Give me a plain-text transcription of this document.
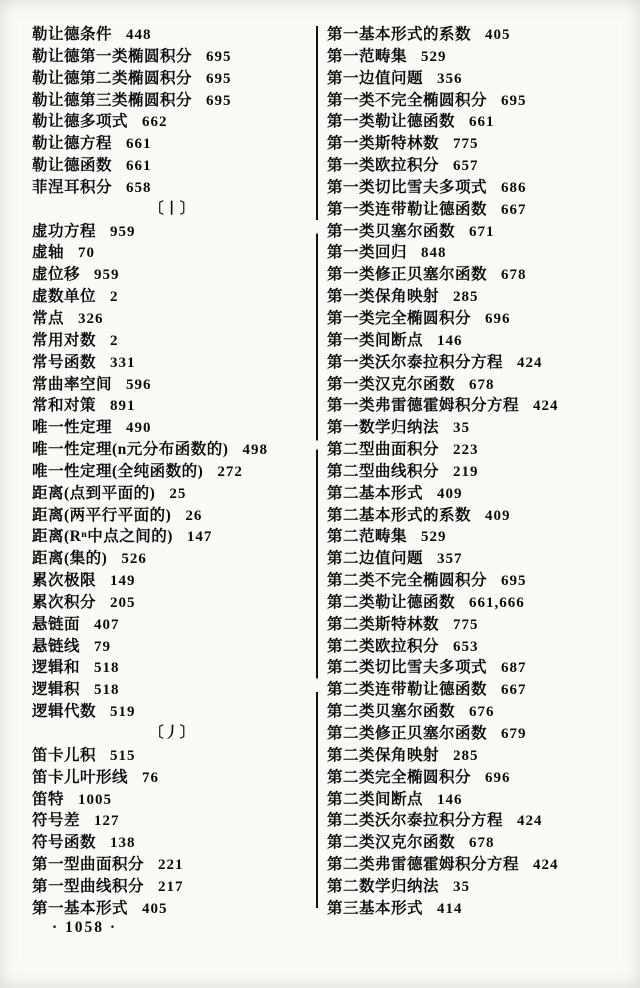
勒让德条件 448
勒让德第一类椭圆积分 695
勒让德第二类椭圆积分 695
勒让德第三类椭圆积分 695
勒让德多项式 662
勒让德方程 661
勒让德函数 661
菲涅耳积分 658
〔丨〕
虚功方程 959
虚轴 70
虚位移 959
虚数单位 2
常点 326
常用对数 2
常号函数 331
常曲率空间 596
常和对策 891
唯一性定理 490
唯一性定理(n元分布函数的) 498
唯一性定理(全纯函数的) 272
距离(点到平面的) 25
距离(两平行平面的) 26
距离(Rⁿ中点之间的) 147
距离(集的) 526
累次极限 149
累次积分 205
悬链面 407
悬链线 79
逻辑和 518
逻辑积 518
逻辑代数 519
〔丿〕
笛卡儿积 515
笛卡儿叶形线 76
笛特 1005
符号差 127
符号函数 138
第一型曲面积分 221
第一型曲线积分 217
第一基本形式 405
第一基本形式的系数 405
第一范畴集 529
第一边值问题 356
第一类不完全椭圆积分 695
第一类勒让德函数 661
第一类斯特林数 775
第一类欧拉积分 657
第一类切比雪夫多项式 686
第一类连带勒让德函数 667
第一类贝塞尔函数 671
第一类回归 848
第一类修正贝塞尔函数 678
第一类保角映射 285
第一类完全椭圆积分 696
第一类间断点 146
第一类沃尔泰拉积分方程 424
第一类汉克尔函数 678
第一类弗雷德霍姆积分方程 424
第一数学归纳法 35
第二型曲面积分 223
第二型曲线积分 219
第二基本形式 409
第二基本形式的系数 409
第二范畴集 529
第二边值问题 357
第二类不完全椭圆积分 695
第二类勒让德函数 661,666
第二类斯特林数 775
第二类欧拉积分 653
第二类切比雪夫多项式 687
第二类连带勒让德函数 667
第二类贝塞尔函数 676
第二类修正贝塞尔函数 679
第二类保角映射 285
第二类完全椭圆积分 696
第二类间断点 146
第二类沃尔泰拉积分方程 424
第二类汉克尔函数 678
第二类弗雷德霍姆积分方程 424
第二数学归纳法 35
第三基本形式 414
· 1058 ·
